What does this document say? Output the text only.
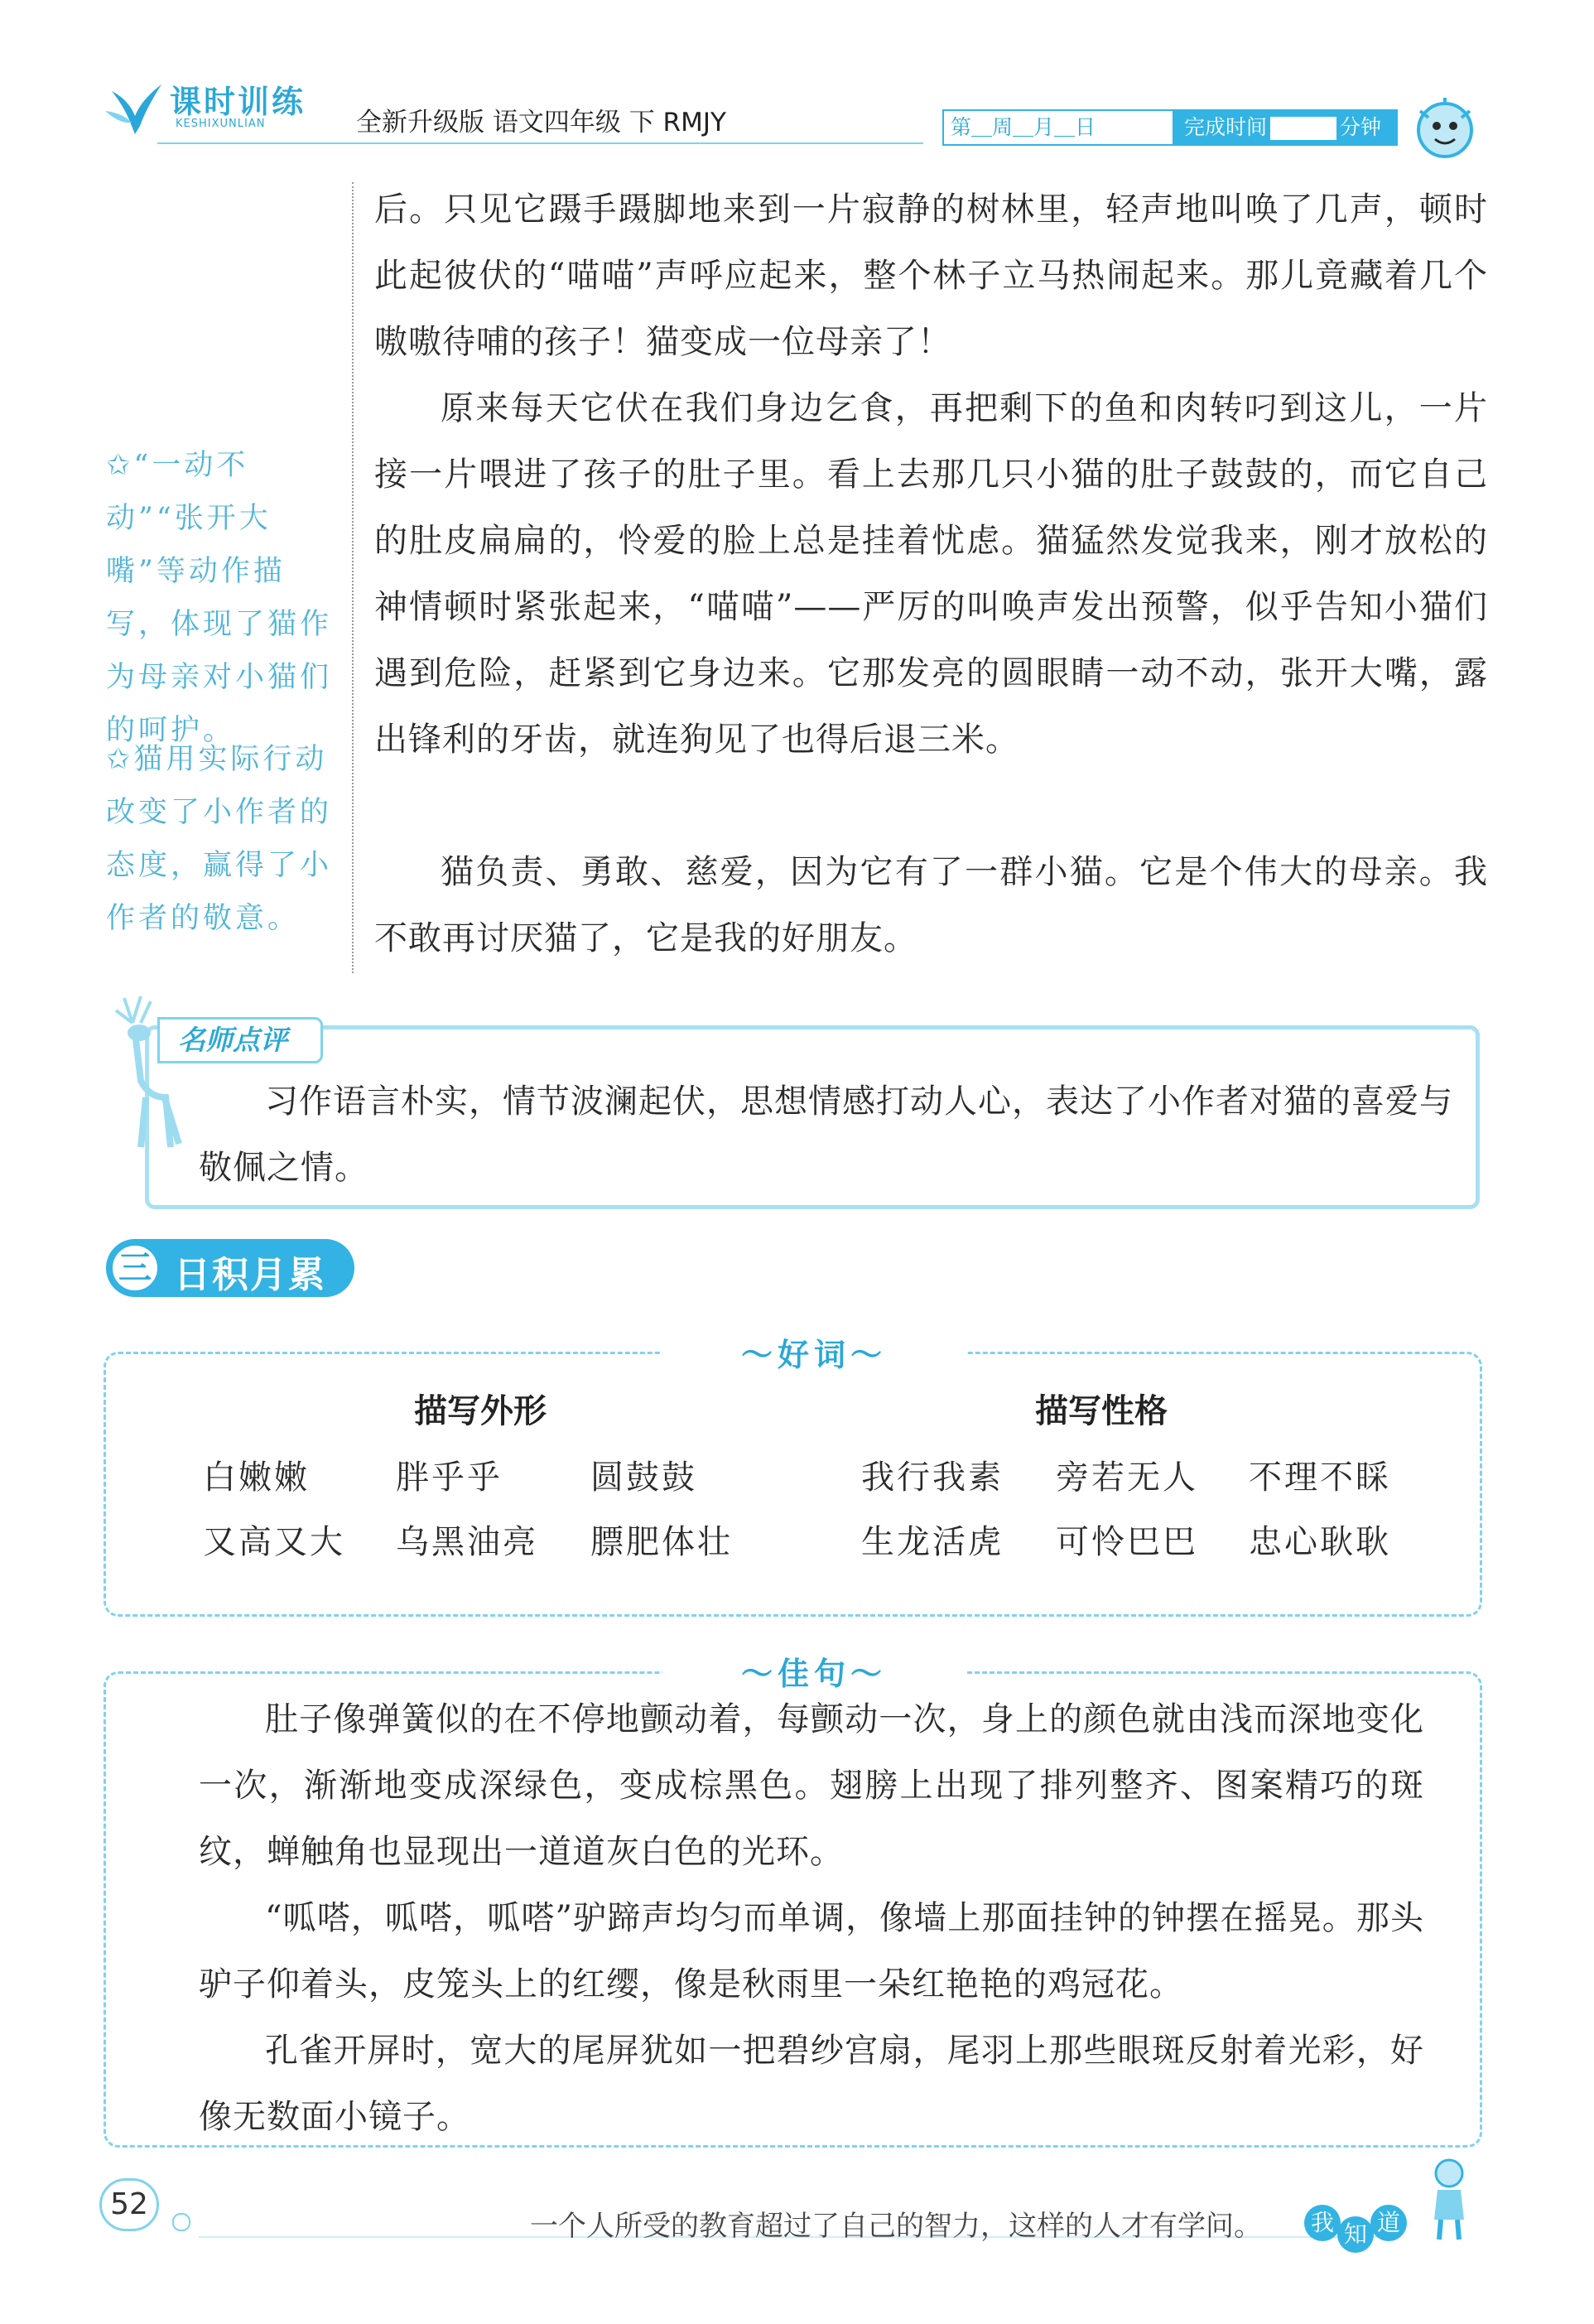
课时训练
KESHIXUNLIAN	全新升级版 语文四年级 下 RMJY	第＿周＿月＿日	完成时间	分钟
✩“一动不动”“张开大嘴”等动作描写，体现了猫作为母亲对小猫们的呵护。
✩猫用实际行动改变了小作者的态度，赢得了小作者的敬意。

后。只见它蹑手蹑脚地来到一片寂静的树林里，轻声地叫唤了几声，顿时此起彼伏的“喵喵”声呼应起来，整个林子立马热闹起来。那儿竟藏着几个嗷嗷待哺的孩子！猫变成一位母亲了！

原来每天它伏在我们身边乞食，再把剩下的鱼和肉转叼到这儿，一片接一片喂进了孩子的肚子里。看上去那几只小猫的肚子鼓鼓的，而它自己的肚皮扁扁的，怜爱的脸上总是挂着忧虑。猫猛然发觉我来，刚才放松的神情顿时紧张起来，“喵喵”——严厉的叫唤声发出预警，似乎告知小猫们遇到危险，赶紧到它身边来。它那发亮的圆眼睛一动不动，张开大嘴，露出锋利的牙齿，就连狗见了也得后退三米。

猫负责、勇敢、慈爱，因为它有了一群小猫。它是个伟大的母亲。我不敢再讨厌猫了，它是我的好朋友。

名师点评

习作语言朴实，情节波澜起伏，思想情感打动人心，表达了小作者对猫的喜爱与敬佩之情。

三 日积月累
〜好词〜
描写外形	描写性格
白嫩嫩	胖乎乎	圆鼓鼓
又高又大 乌黑油亮 膘肥体壮
我行我素 旁若无人 不理不睬
生龙活虎 可怜巴巴 忠心耿耿
〜佳句〜

肚子像弹簧似的在不停地颤动着，每颤动一次，身上的颜色就由浅而深地变化一次，渐渐地变成深绿色，变成棕黑色。翅膀上出现了排列整齐、图案精巧的斑纹，蝉触角也显现出一道道灰白色的光环。

“呱嗒，呱嗒，呱嗒”驴蹄声均匀而单调，像墙上那面挂钟的钟摆在摇晃。那头驴子仰着头，皮笼头上的红缨，像是秋雨里一朵红艳艳的鸡冠花。

孔雀开屏时，宽大的尾屏犹如一把碧纱宫扇，尾羽上那些眼斑反射着光彩，好像无数面小镜子。

52
一个人所受的教育超过了自己的智力，这样的人才有学问。 我 知 道
